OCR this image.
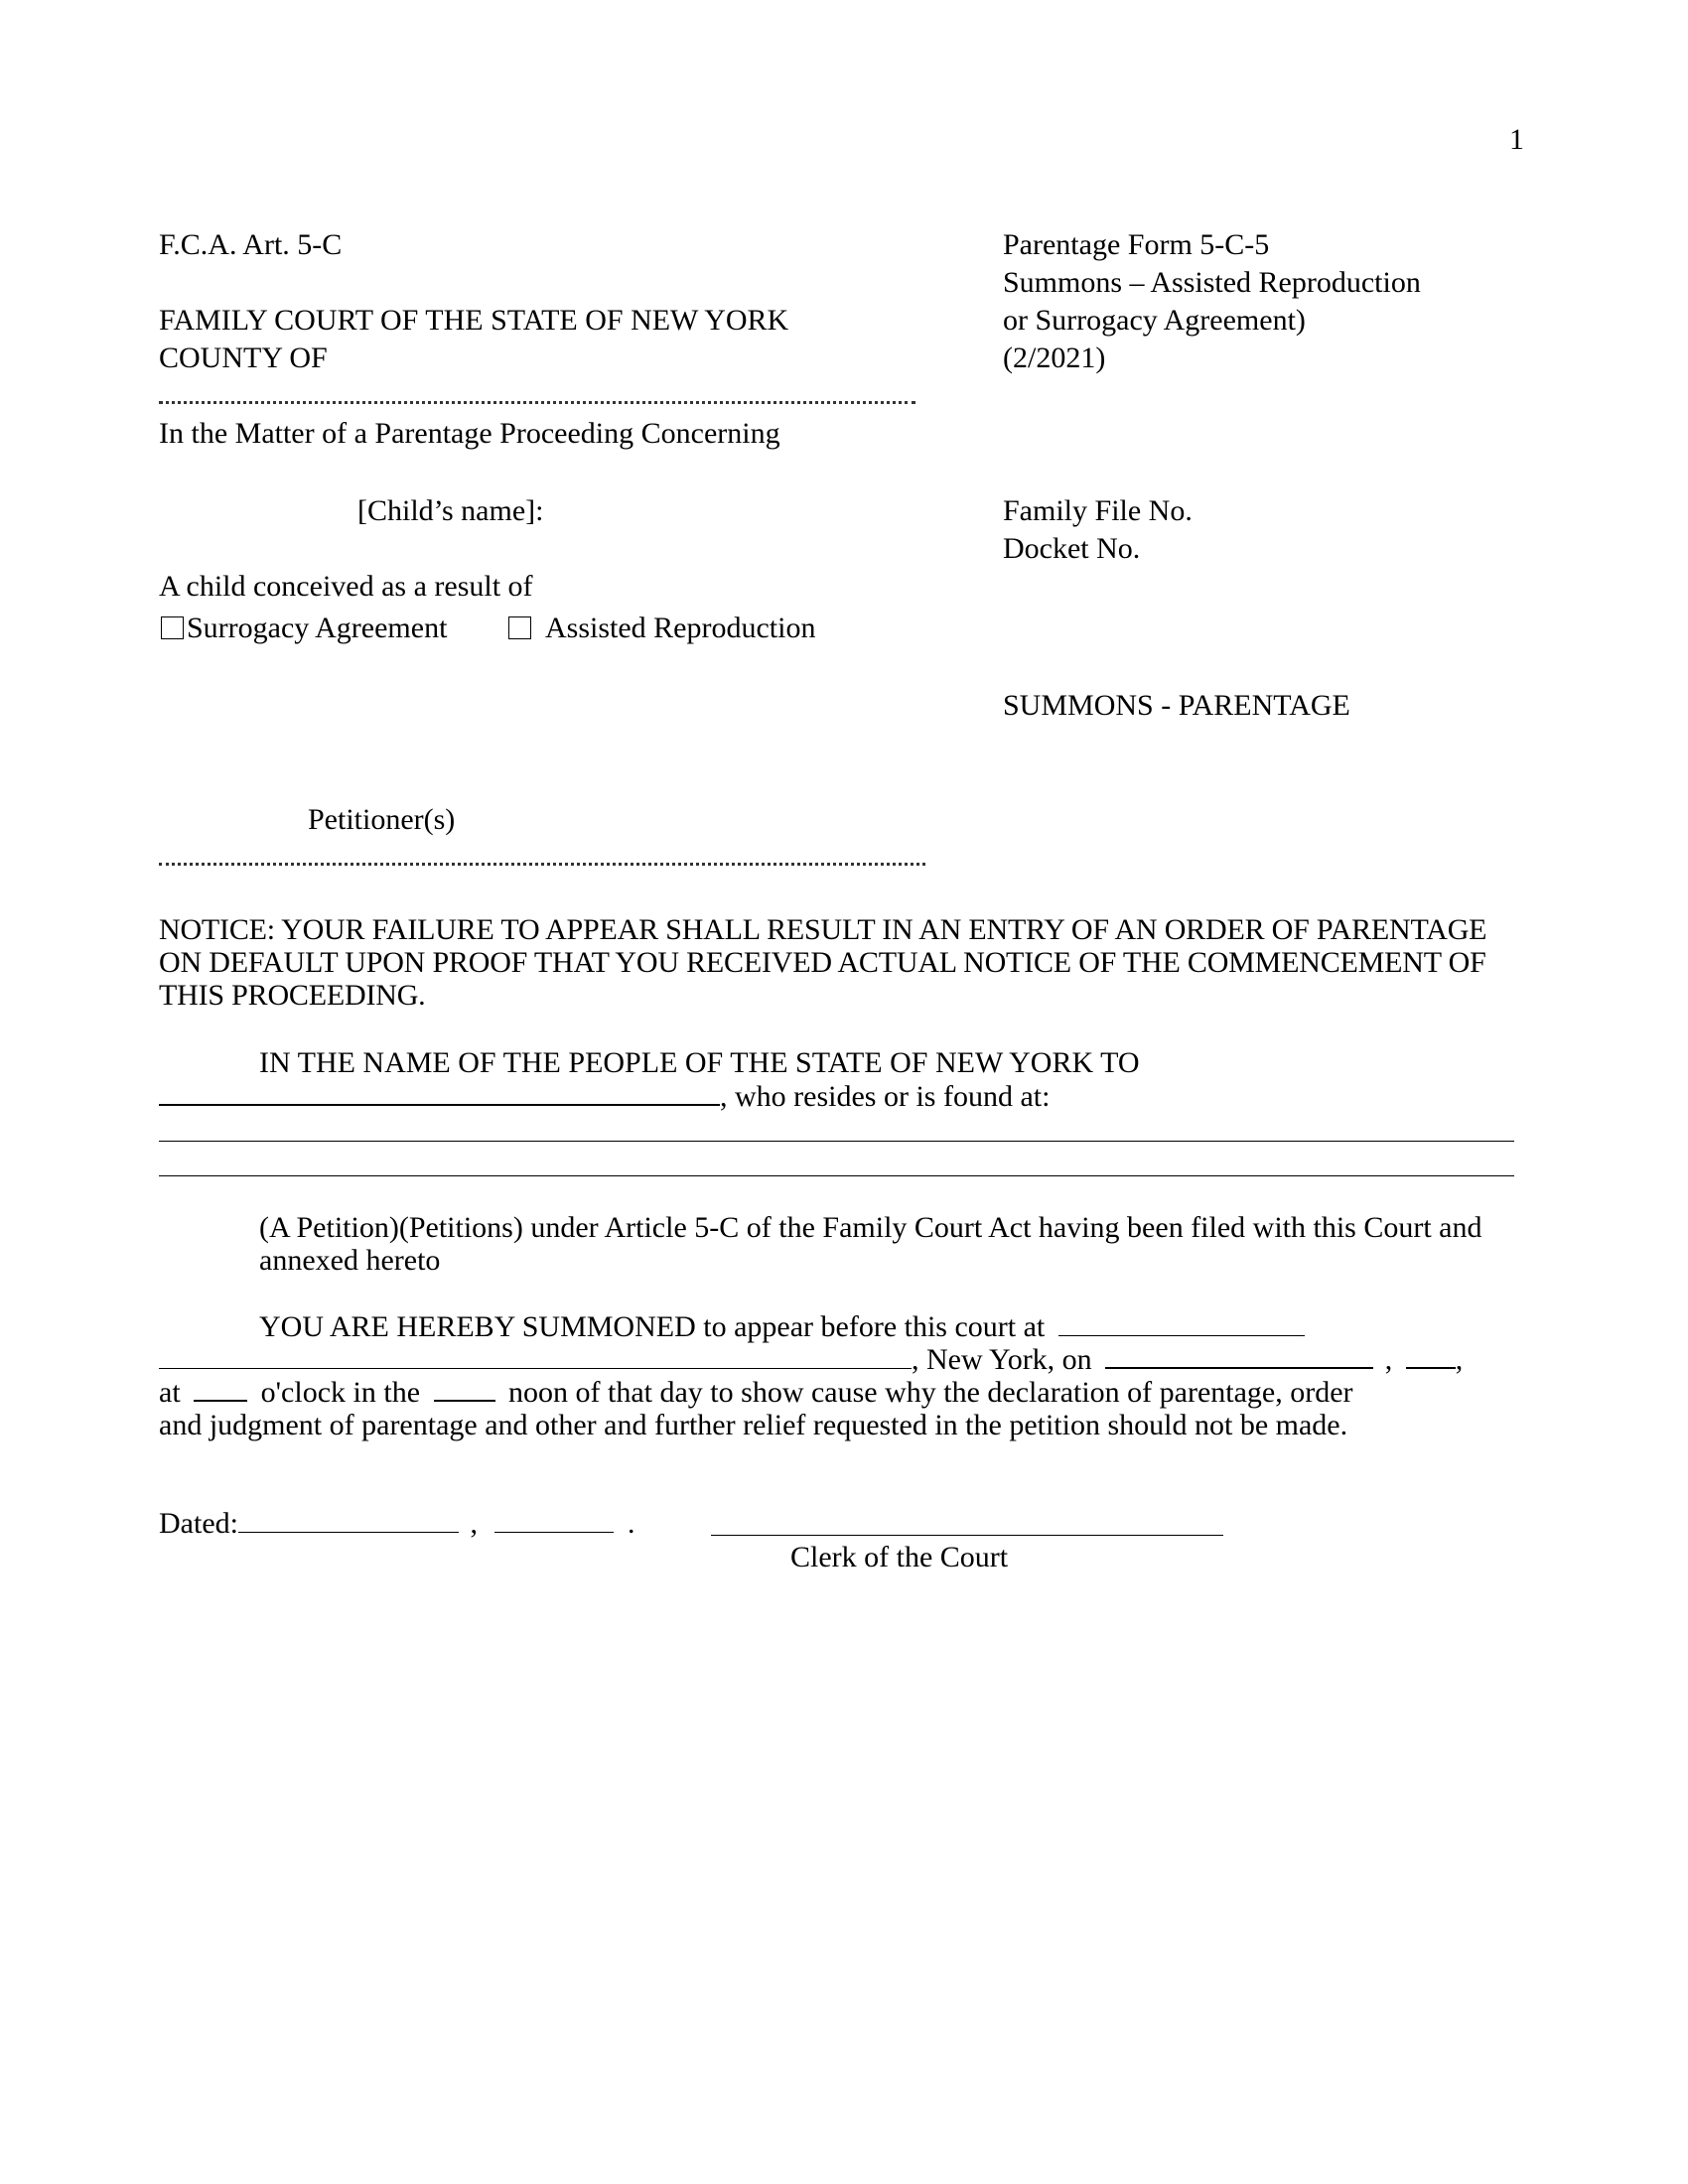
1
F.C.A. Art. 5-C
FAMILY COURT OF THE STATE OF NEW YORK
COUNTY OF
Parentage Form 5-C-5
Summons – Assisted Reproduction
or Surrogacy Agreement)
(2/2021)
In the Matter of a Parentage Proceeding Concerning
[Child’s name]:	Family File No.
Docket No.
A child conceived as a result of
Surrogacy Agreement	Assisted Reproduction
SUMMONS - PARENTAGE
Petitioner(s)
NOTICE: YOUR FAILURE TO APPEAR SHALL RESULT IN AN ENTRY OF AN ORDER OF PARENTAGE ON DEFAULT UPON PROOF THAT YOU RECEIVED ACTUAL NOTICE OF THE COMMENCEMENT OF THIS PROCEEDING.
IN THE NAME OF THE PEOPLE OF THE STATE OF NEW YORK TO
, who resides or is found at:
(A Petition)(Petitions) under Article 5-C of the Family Court Act having been filed with this Court and annexed hereto
YOU ARE HEREBY SUMMONED to appear before this court at
, New York, on	, ,
at	o'clock in the	noon of that day to show cause why the declaration of parentage, order
and judgment of parentage and other and further relief requested in the petition should not be made.
Dated:	,	.
Clerk of the Court
